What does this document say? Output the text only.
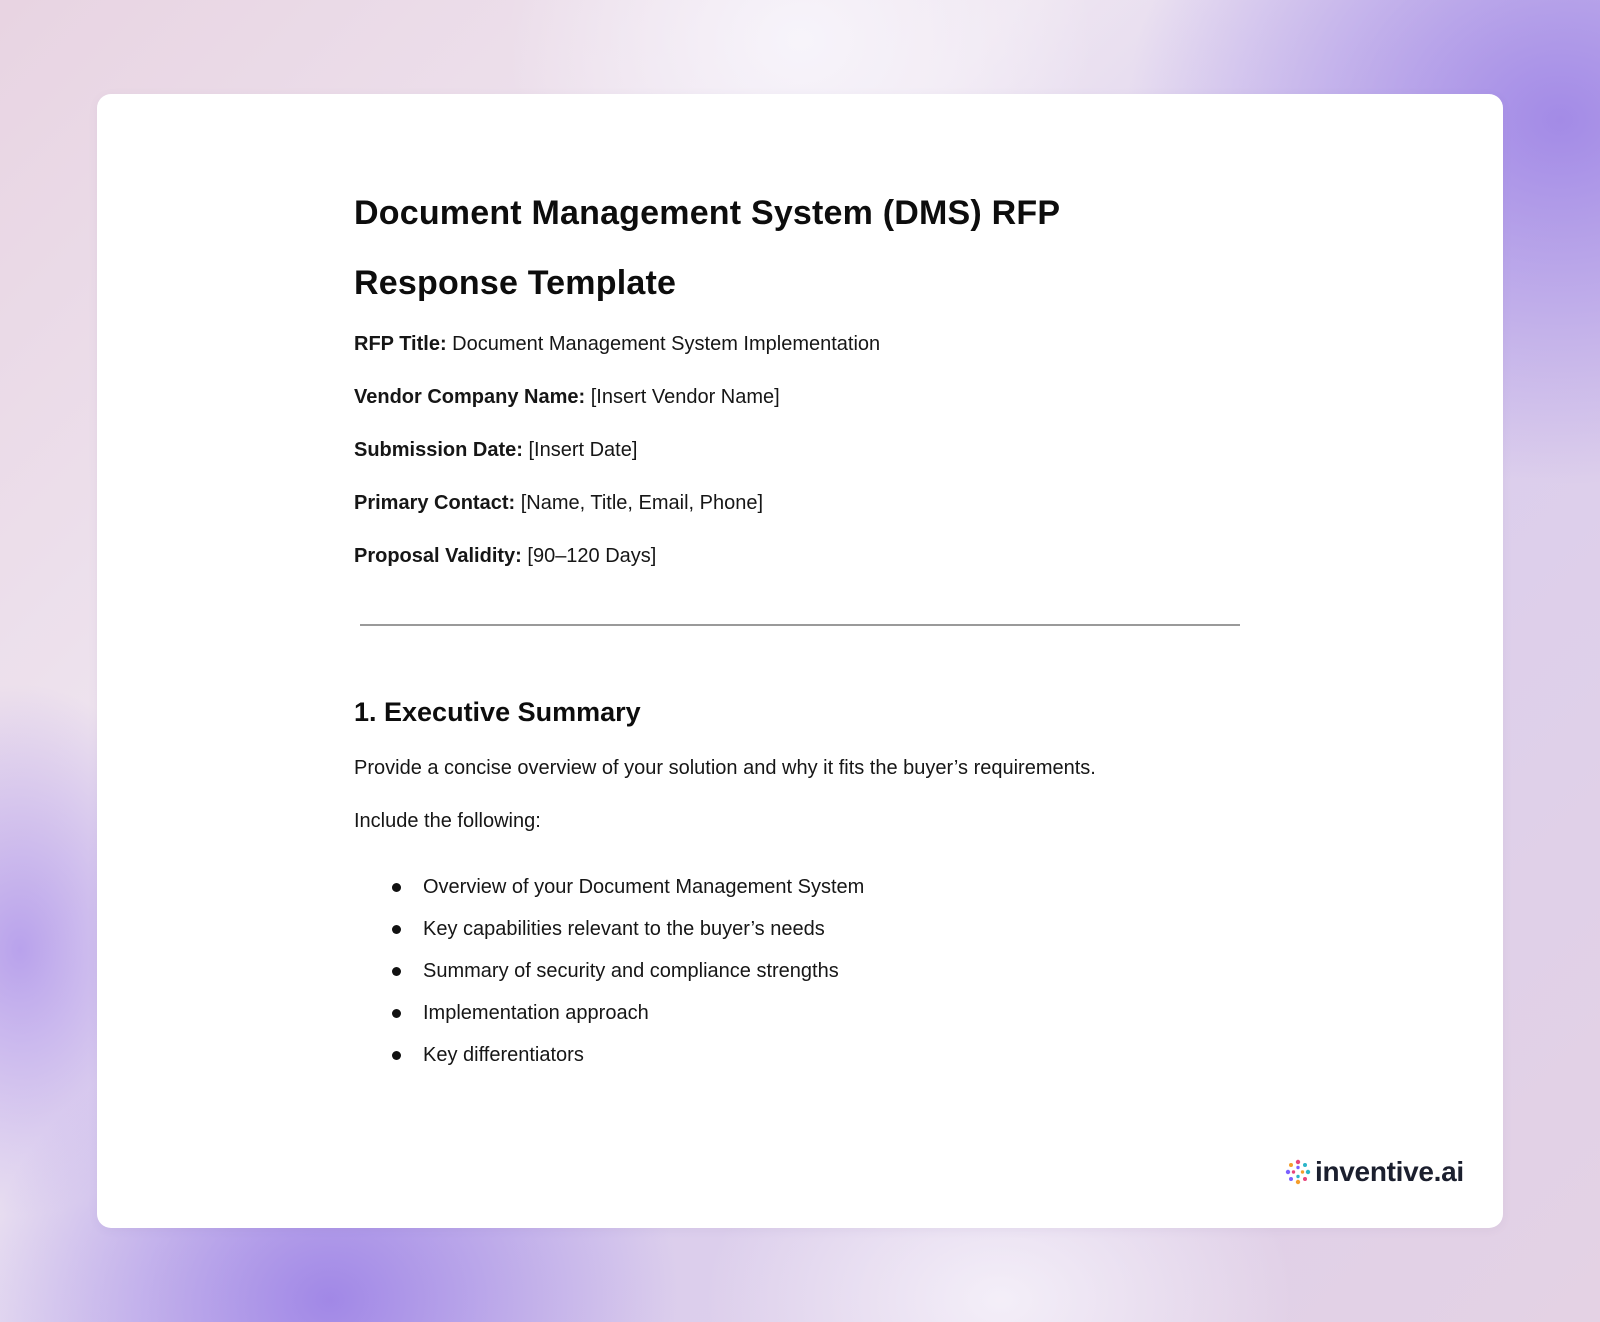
Document Management System (DMS) RFP Response Template
RFP Title: Document Management System Implementation
Vendor Company Name: [Insert Vendor Name]
Submission Date: [Insert Date]
Primary Contact: [Name, Title, Email, Phone]
Proposal Validity: [90–120 Days]
1. Executive Summary

Provide a concise overview of your solution and why it fits the buyer’s requirements.

Include the following:

Overview of your Document Management System
Key capabilities relevant to the buyer’s needs
Summary of security and compliance strengths
Implementation approach
Key differentiators
inventive.ai
